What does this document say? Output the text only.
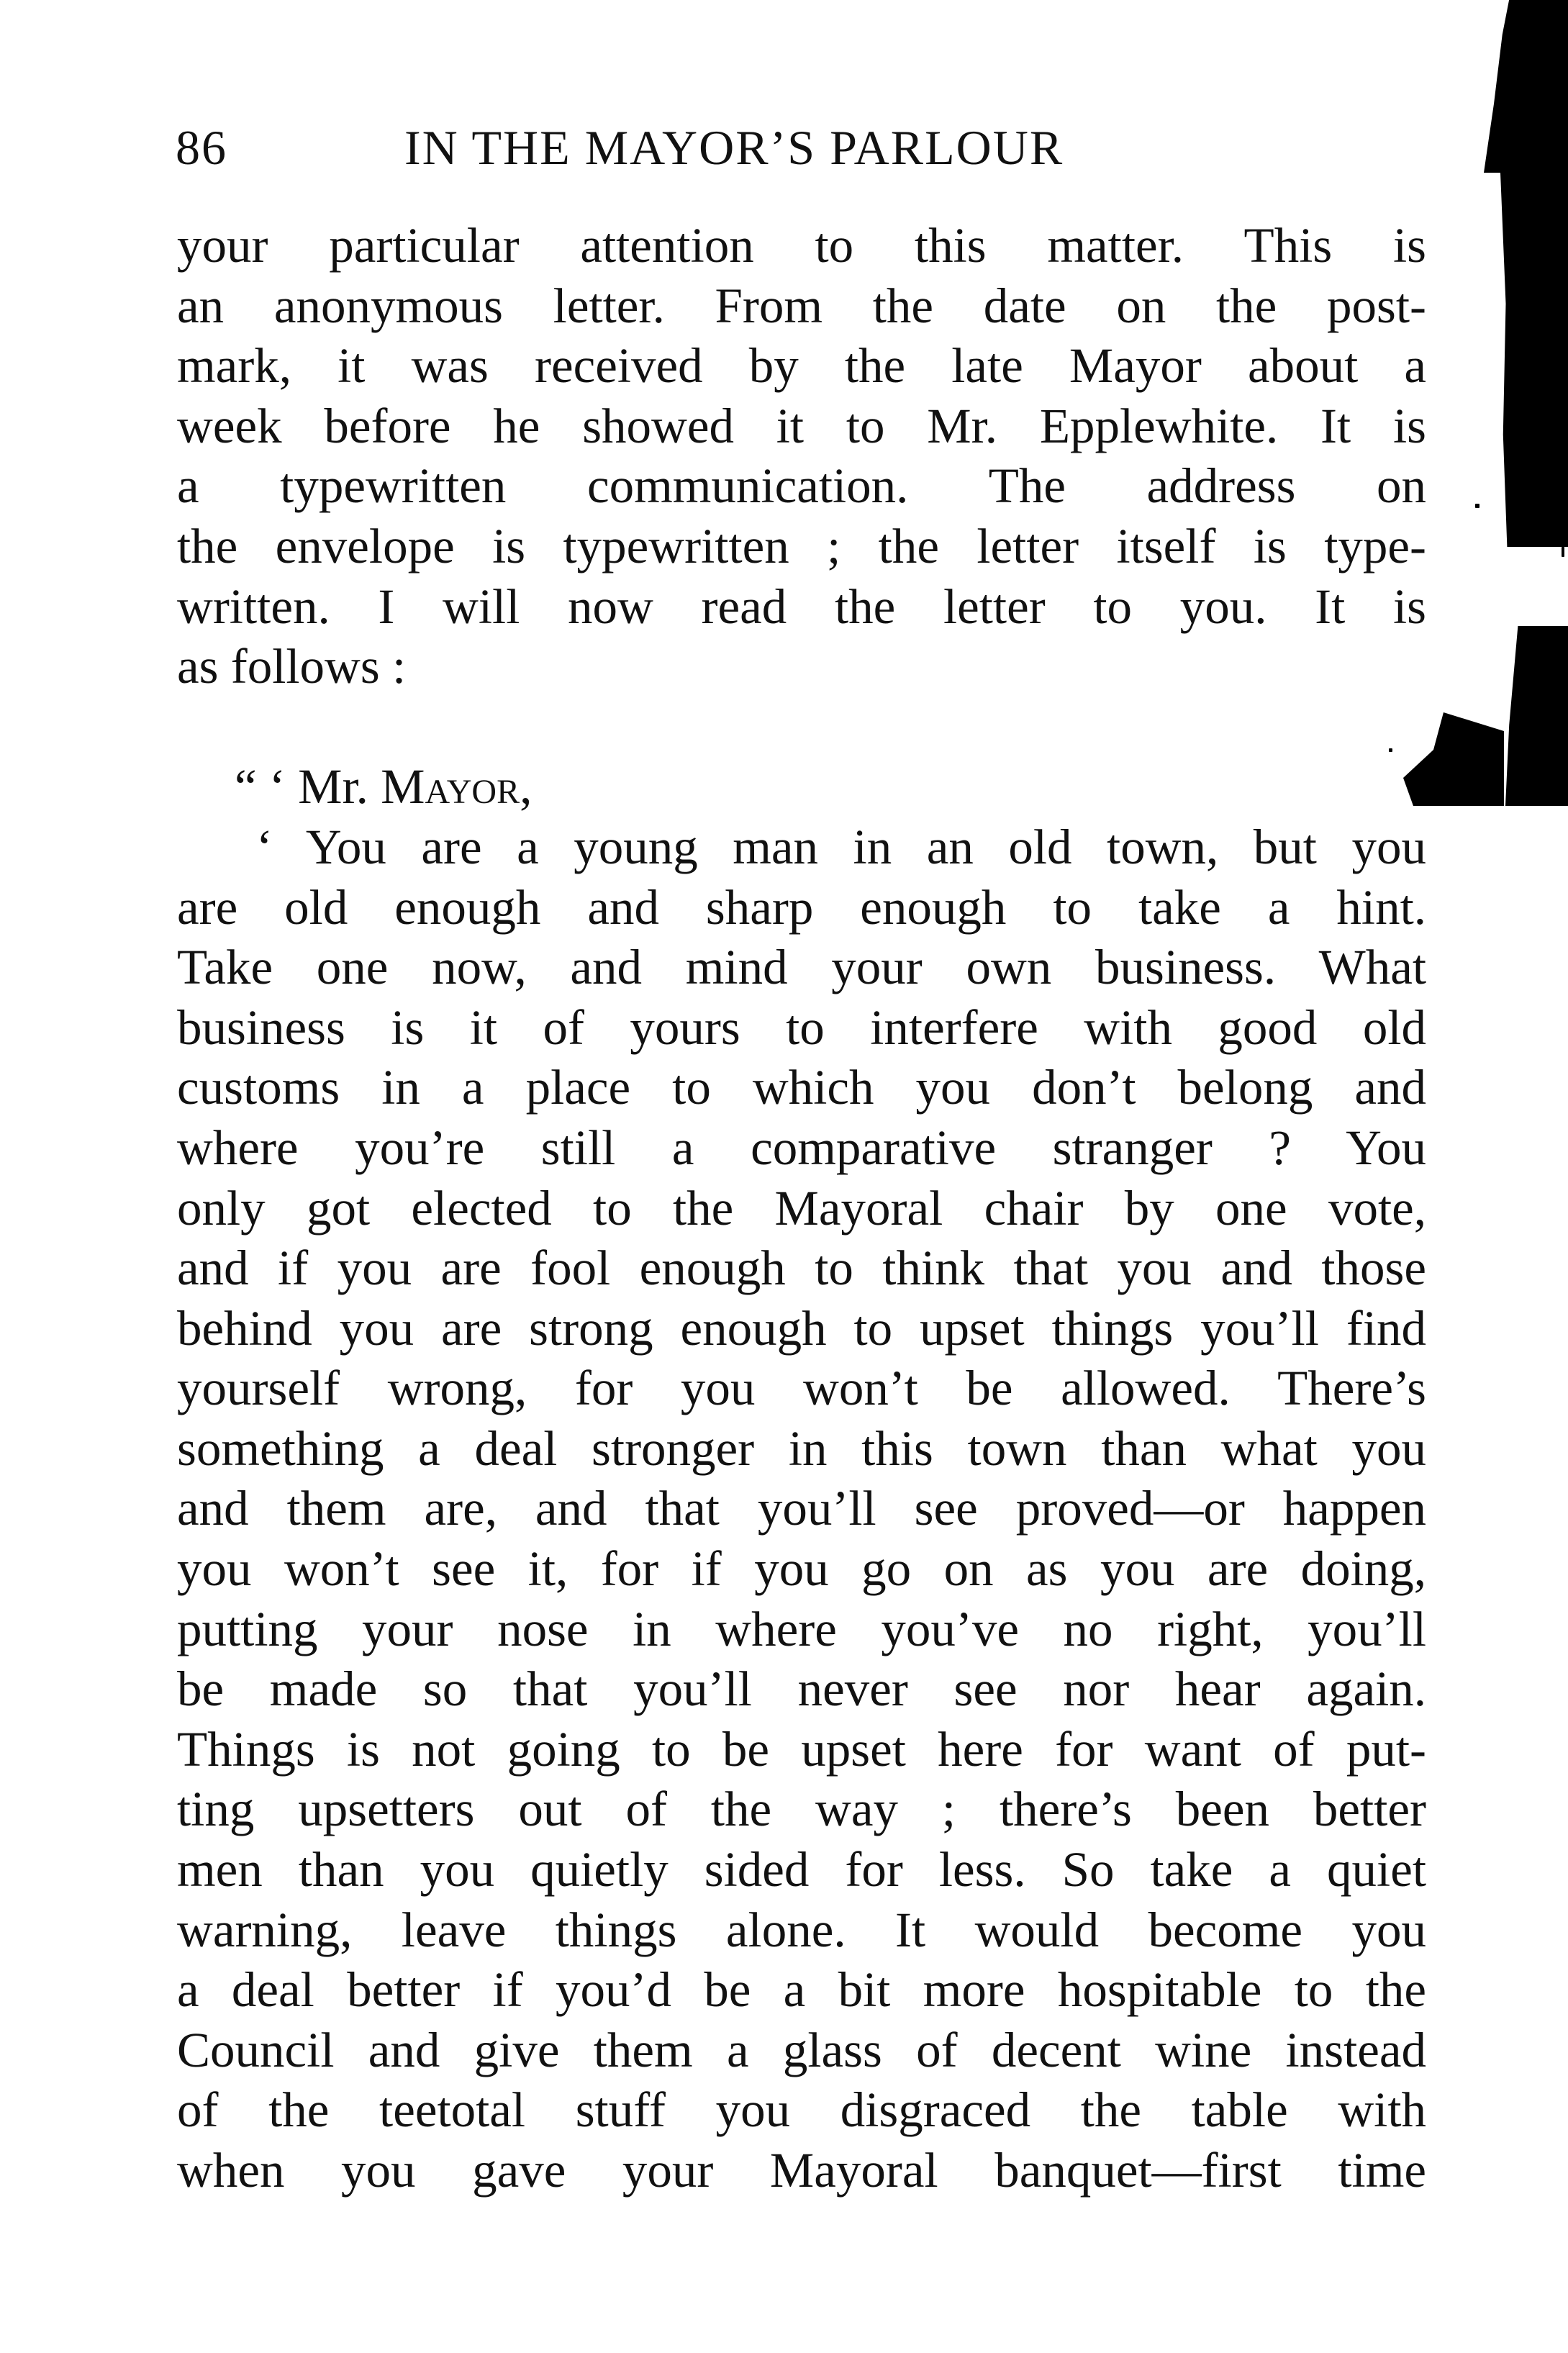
86	IN THE MAYOR’S PARLOUR
your particular attention to this matter. This is
an anonymous letter. From the date on the post-
mark, it was received by the late Mayor about a
week before he showed it to Mr. Epplewhite. It is
a typewritten communication. The address on
the envelope is typewritten ; the letter itself is type-
written. I will now read the letter to you. It is
as follows :
“ ‘ Mr. Mayor,
‘ You are a young man in an old town, but you
are old enough and sharp enough to take a hint.
Take one now, and mind your own business. What
business is it of yours to interfere with good old
customs in a place to which you don’t belong and
where you’re still a comparative stranger ? You
only got elected to the Mayoral chair by one vote,
and if you are fool enough to think that you and those
behind you are strong enough to upset things you’ll find
yourself wrong, for you won’t be allowed. There’s
something a deal stronger in this town than what you
and them are, and that you’ll see proved—or happen
you won’t see it, for if you go on as you are doing,
putting your nose in where you’ve no right, you’ll
be made so that you’ll never see nor hear again.
Things is not going to be upset here for want of put-
ting upsetters out of the way ; there’s been better
men than you quietly sided for less. So take a quiet
warning, leave things alone. It would become you
a deal better if you’d be a bit more hospitable to the
Council and give them a glass of decent wine instead
of the teetotal stuff you disgraced the table with
when you gave your Mayoral banquet—first time
